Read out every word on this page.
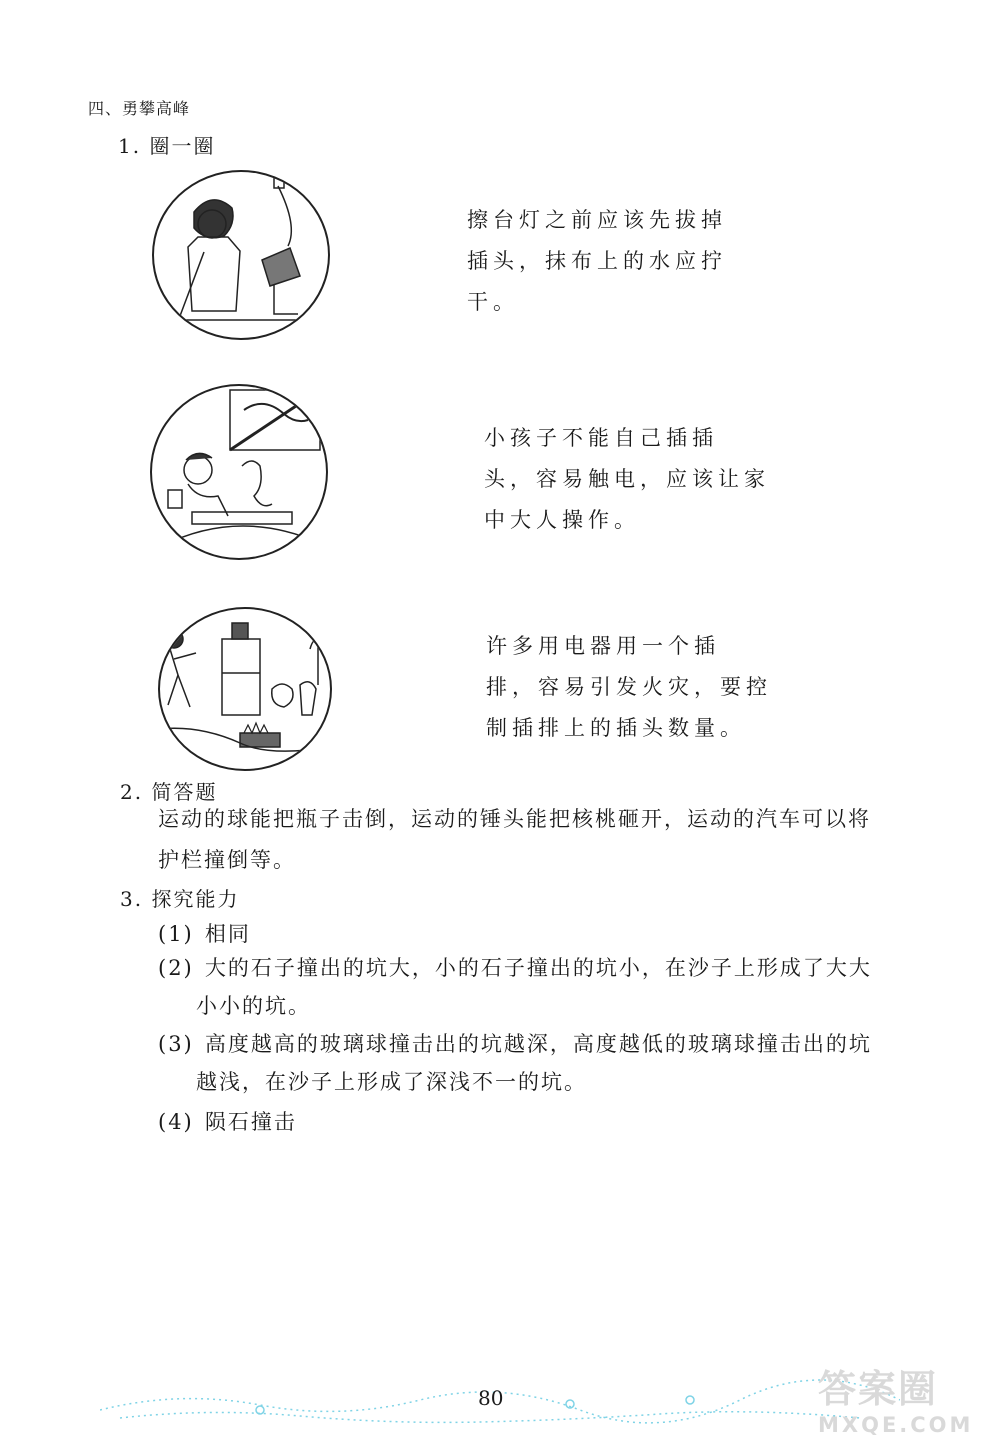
四、勇攀高峰
1. 圈一圈
擦台灯之前应该先拔掉
插头，抹布上的水应拧
干。
小孩子不能自己插插
头，容易触电，应该让家
中大人操作。
许多用电器用一个插
排，容易引发火灾，要控
制插排上的插头数量。
2. 简答题
运动的球能把瓶子击倒，运动的锤头能把核桃砸开，运动的汽车可以将
护栏撞倒等。
3. 探究能力
(1) 相同
(2) 大的石子撞出的坑大，小的石子撞出的坑小，在沙子上形成了大大
小小的坑。
(3) 高度越高的玻璃球撞击出的坑越深，高度越低的玻璃球撞击出的坑
越浅，在沙子上形成了深浅不一的坑。
(4) 陨石撞击
80	答案圈
MXQE.COM
